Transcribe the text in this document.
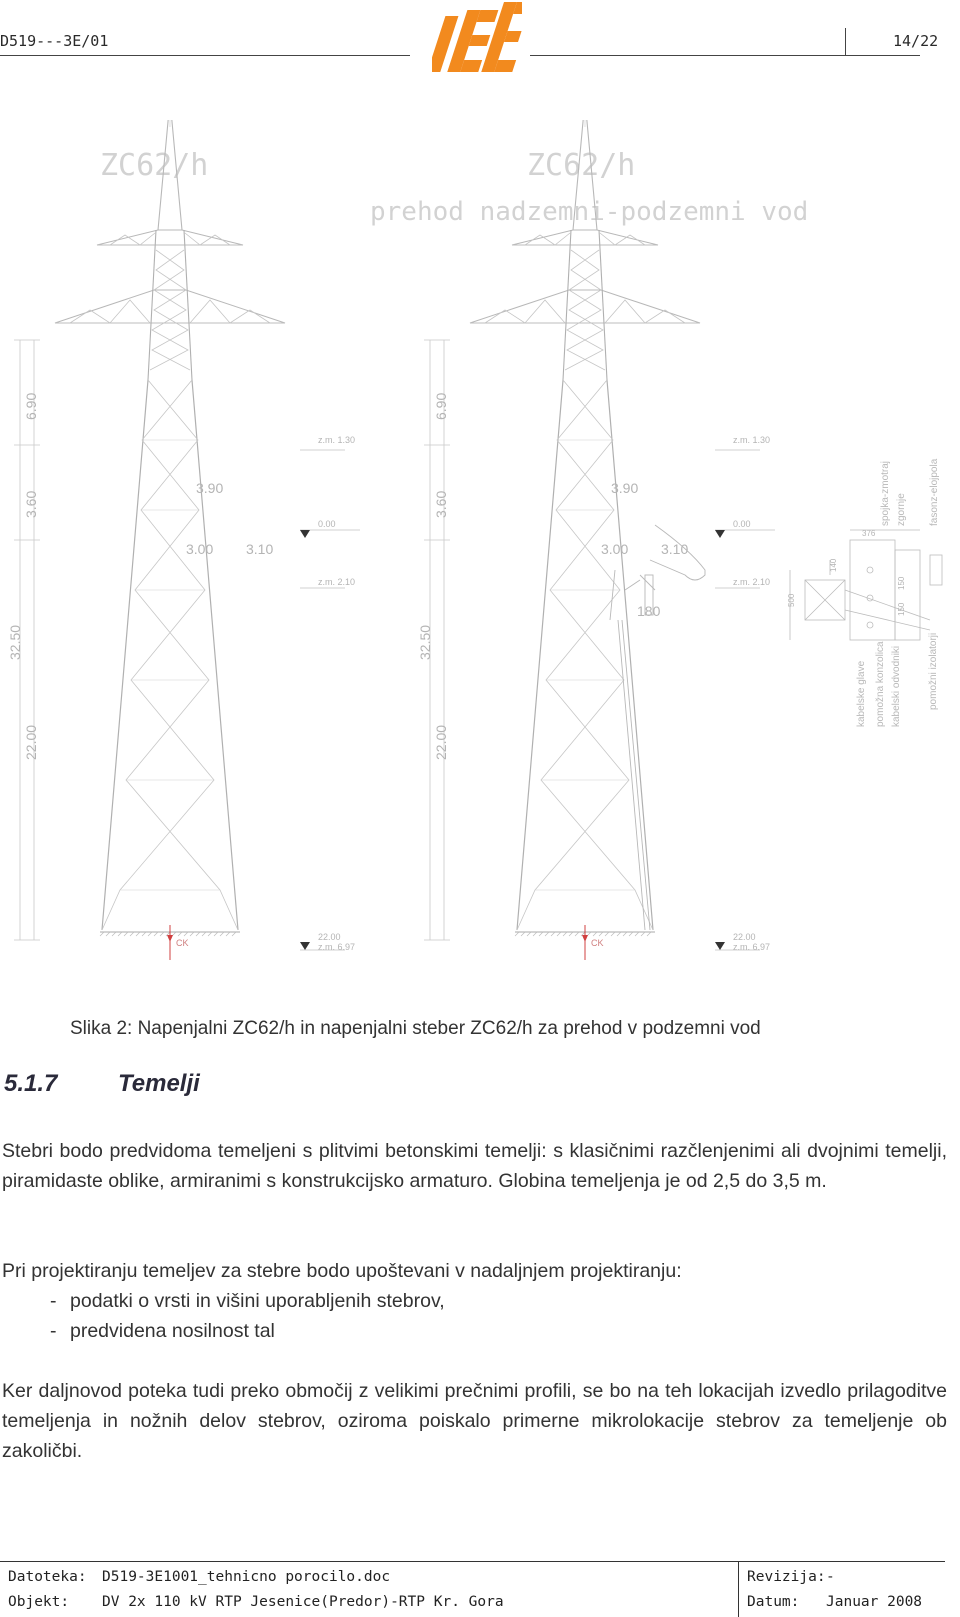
D519---3E/01	14/22
ZC62/h	ZC62/h
prehod nadzemni-podzemni vod
6.90
3.60
32.50
22.00
6.90
3.60
32.50
22.00
3.90
3.00 3.10
3.90
3.00 3.10
180
z.m. 1.30
0.00
z.m. 2.10
22.00
z.m. 6.97
z.m. 1.30
0.00
z.m. 2.10
22.00
z.m. 6.97
CK	CK
376
140
500
150
150
kabelske glave pomožna konzolica kabelski odvodniki	pomožni izolatorji
spojka-zmotraj zgornje fasonz-elojpola
Slika 2: Napenjalni ZC62/h in napenjalni steber ZC62/h za prehod v podzemni vod
5.1.7	Temelji
Stebri bodo predvidoma temeljeni s plitvimi betonskimi temelji: s klasičnimi razčlenjenimi ali dvojnimi temelji, piramidaste oblike, armiranimi s konstrukcijsko armaturo. Globina temeljenja je od 2,5 do 3,5 m.
Pri projektiranju temeljev za stebre bodo upoštevani v nadaljnjem projektiranju:
- podatki o vrsti in višini uporabljenih stebrov,
- predvidena nosilnost tal
Ker daljnovod poteka tudi preko območij z velikimi prečnimi profili, se bo na teh lokacijah izvedlo prilagoditve temeljenja in nožnih delov stebrov, oziroma poiskalo primerne mikrolokacije stebrov za temeljenje ob zakoličbi.
Datoteka: D519-3E1001_tehnicno porocilo.doc
Objekt: DV 2x 110 kV RTP Jesenice(Predor)-RTP Kr. Gora
Revizija: -
Datum: Januar 2008
